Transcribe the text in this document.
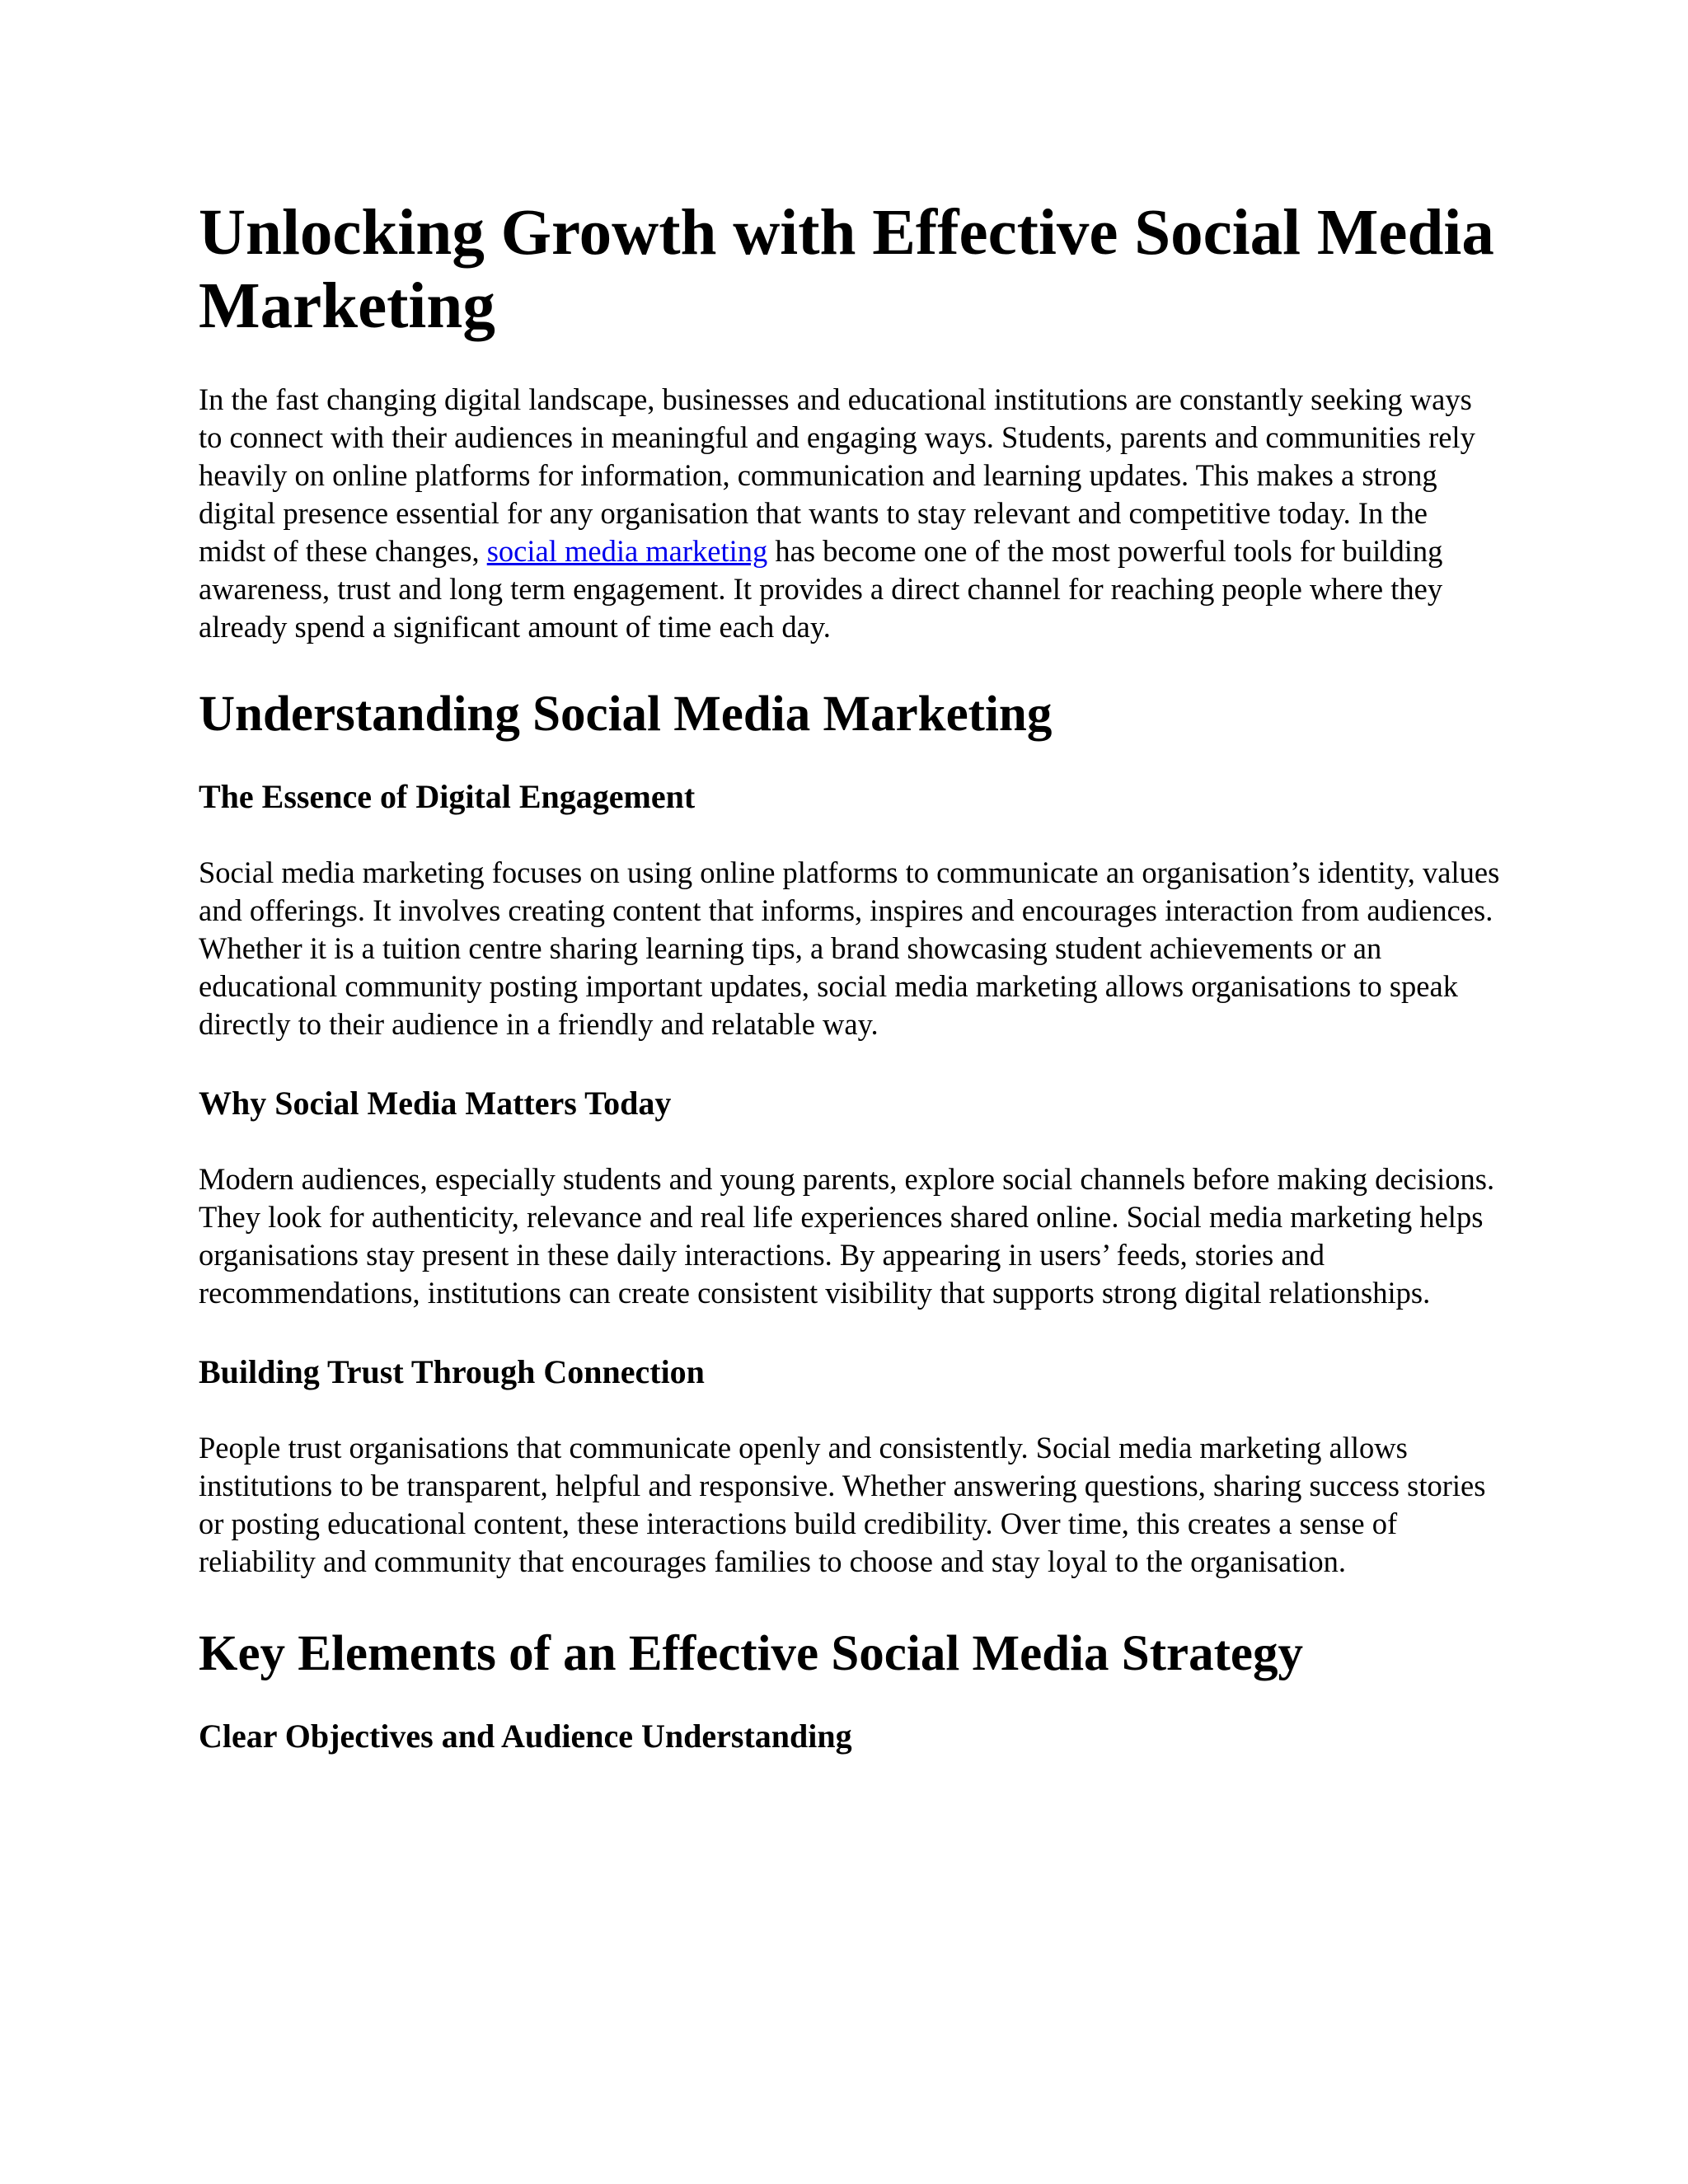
Unlocking Growth with Effective Social Media Marketing

In the fast changing digital landscape, businesses and educational institutions are constantly seeking ways to connect with their audiences in meaningful and engaging ways. Students, parents and communities rely heavily on online platforms for information, communication and learning updates. This makes a strong digital presence essential for any organisation that wants to stay relevant and competitive today. In the midst of these changes, social media marketing has become one of the most powerful tools for building awareness, trust and long term engagement. It provides a direct channel for reaching people where they already spend a significant amount of time each day.

Understanding Social Media Marketing
The Essence of Digital Engagement

Social media marketing focuses on using online platforms to communicate an organisation’s identity, values and offerings. It involves creating content that informs, inspires and encourages interaction from audiences. Whether it is a tuition centre sharing learning tips, a brand showcasing student achievements or an educational community posting important updates, social media marketing allows organisations to speak directly to their audience in a friendly and relatable way.

Why Social Media Matters Today

Modern audiences, especially students and young parents, explore social channels before making decisions. They look for authenticity, relevance and real life experiences shared online. Social media marketing helps organisations stay present in these daily interactions. By appearing in users’ feeds, stories and recommendations, institutions can create consistent visibility that supports strong digital relationships.

Building Trust Through Connection

People trust organisations that communicate openly and consistently. Social media marketing allows institutions to be transparent, helpful and responsive. Whether answering questions, sharing success stories or posting educational content, these interactions build credibility. Over time, this creates a sense of reliability and community that encourages families to choose and stay loyal to the organisation.

Key Elements of an Effective Social Media Strategy
Clear Objectives and Audience Understanding
